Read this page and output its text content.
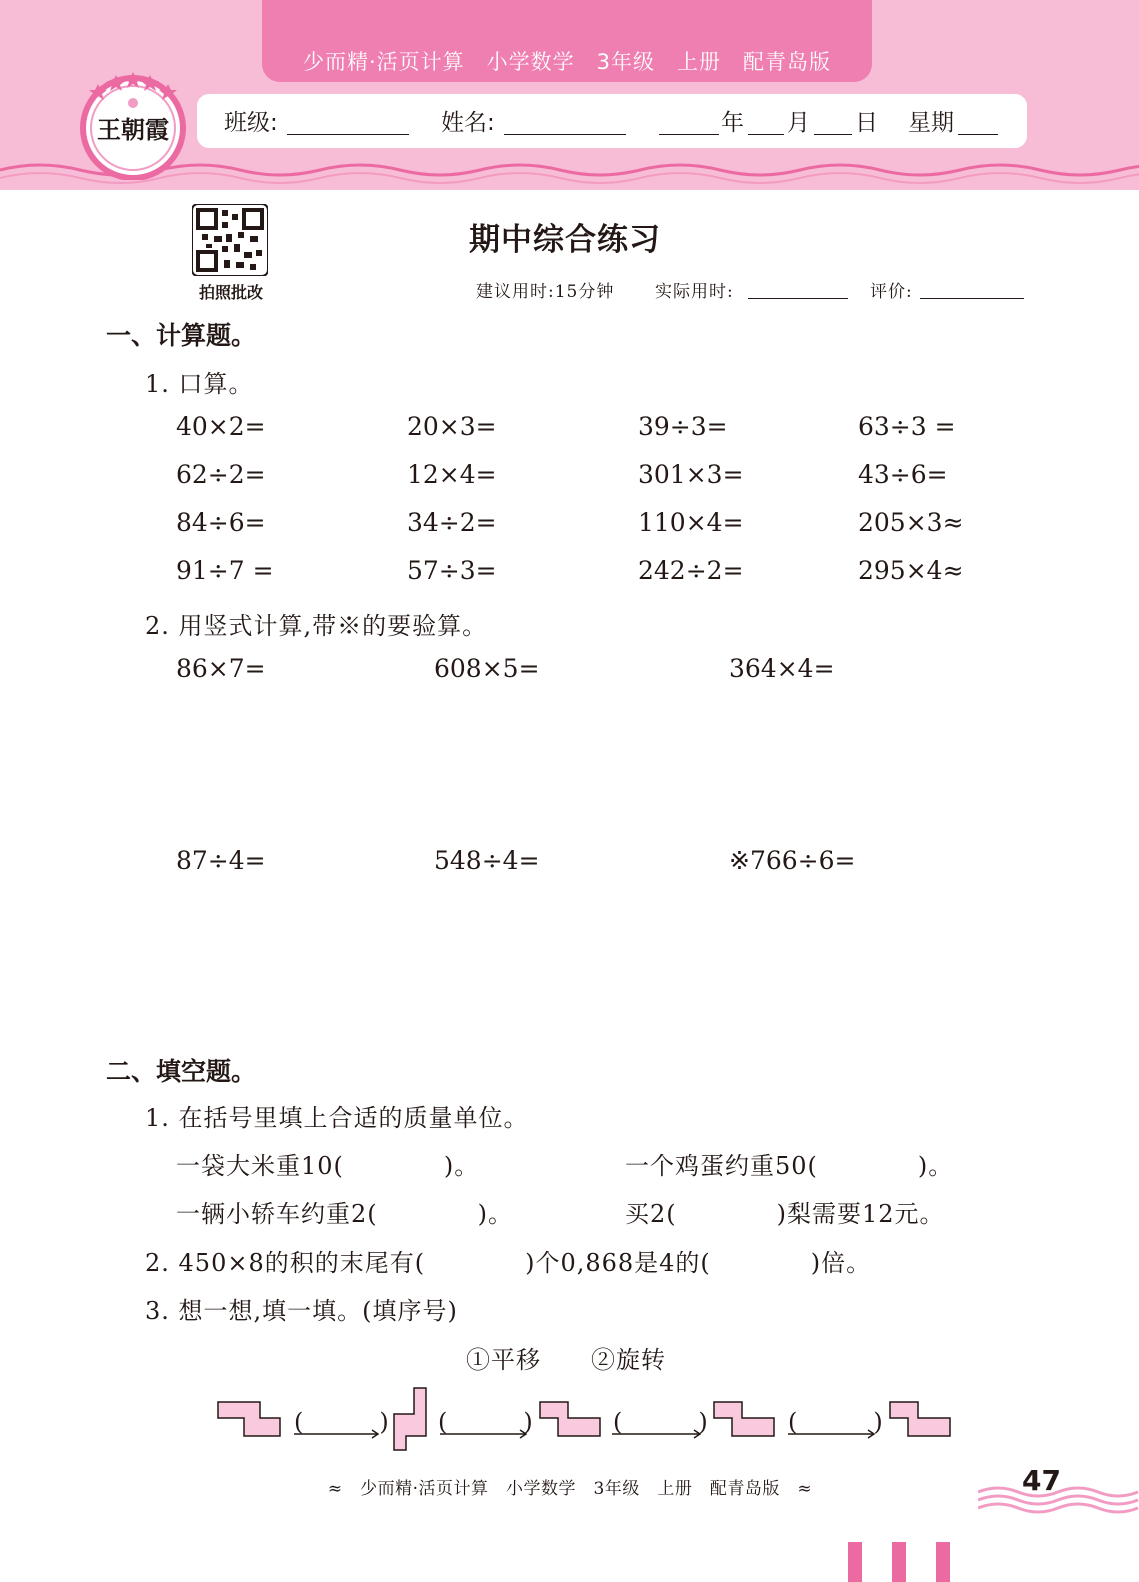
少而精·活页计算　小学数学　3年级　上册　配青岛版
班级:	姓名:	年 月 日 星期
王朝霞
拍照批改
期中综合练习
建议用时:15分钟 实际用时:	评价:
一、计算题。
1. 口算。
40×2=	20×3=	39÷3=	63÷3 =
62÷2=	12×4=	301×3=	43÷6=
84÷6=	34÷2=	110×4=	205×3≈
91÷7 =	57÷3=	242÷2=	295×4≈
2. 用竖式计算,带※的要验算。
86×7=	608×5=	364×4=
87÷4=	548÷4=	※766÷6=
二、填空题。
1. 在括号里填上合适的质量单位。
一袋大米重10(　　　　)。	一个鸡蛋约重50(　　　　)。
一辆小轿车约重2(　　　　)。	买2(　　　　)梨需要12元。
2. 450×8的积的末尾有(　　　　)个0,868是4的(　　　　)倍。
3. 想一想,填一填。(填序号)
①平移　　②旋转
(　　　) (　　　)	(　　　)	(　　　)
≈　少而精·活页计算　小学数学　3年级　上册　配青岛版　≈	47
